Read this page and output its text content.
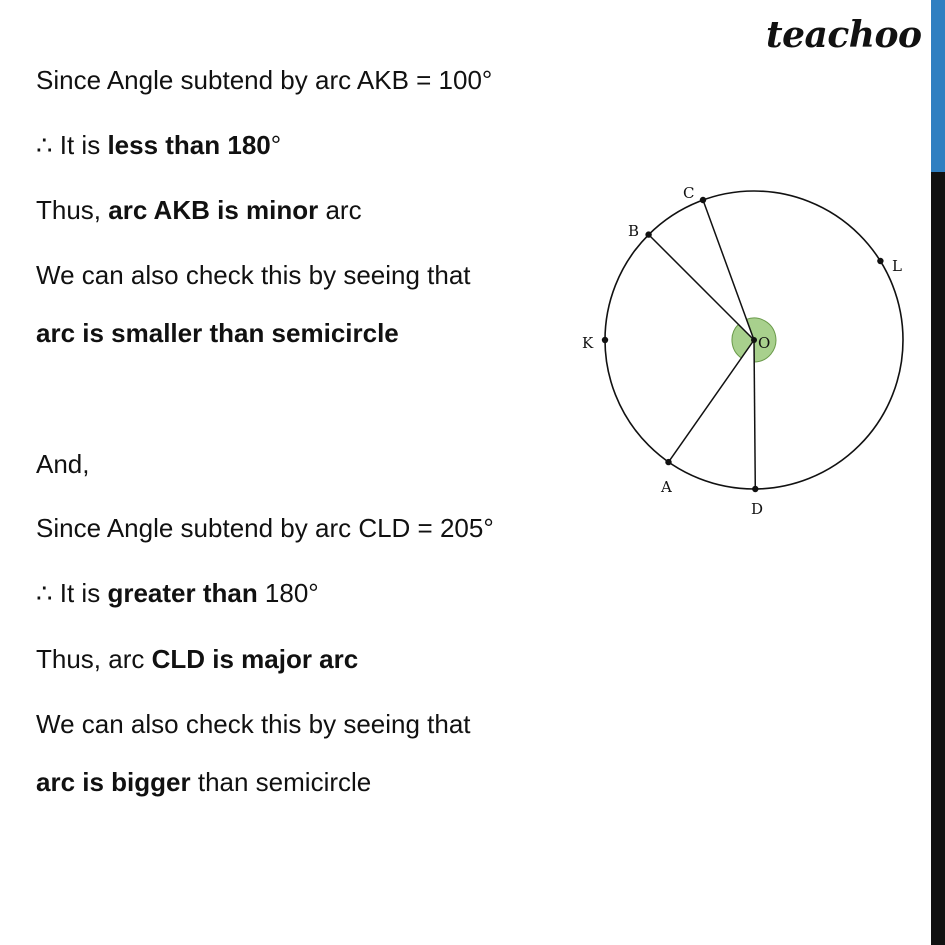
teachoo
Since Angle subtend by arc AKB = 100°
∴ It is less than 180°
Thus, arc AKB is minor arc
We can also check this by seeing that
arc is smaller than semicircle
And,
Since Angle subtend by arc CLD = 205°
∴ It is greater than 180°
Thus, arc CLD is major arc
We can also check this by seeing that
arc is bigger than semicircle
O
A
B
C
D
K
L
